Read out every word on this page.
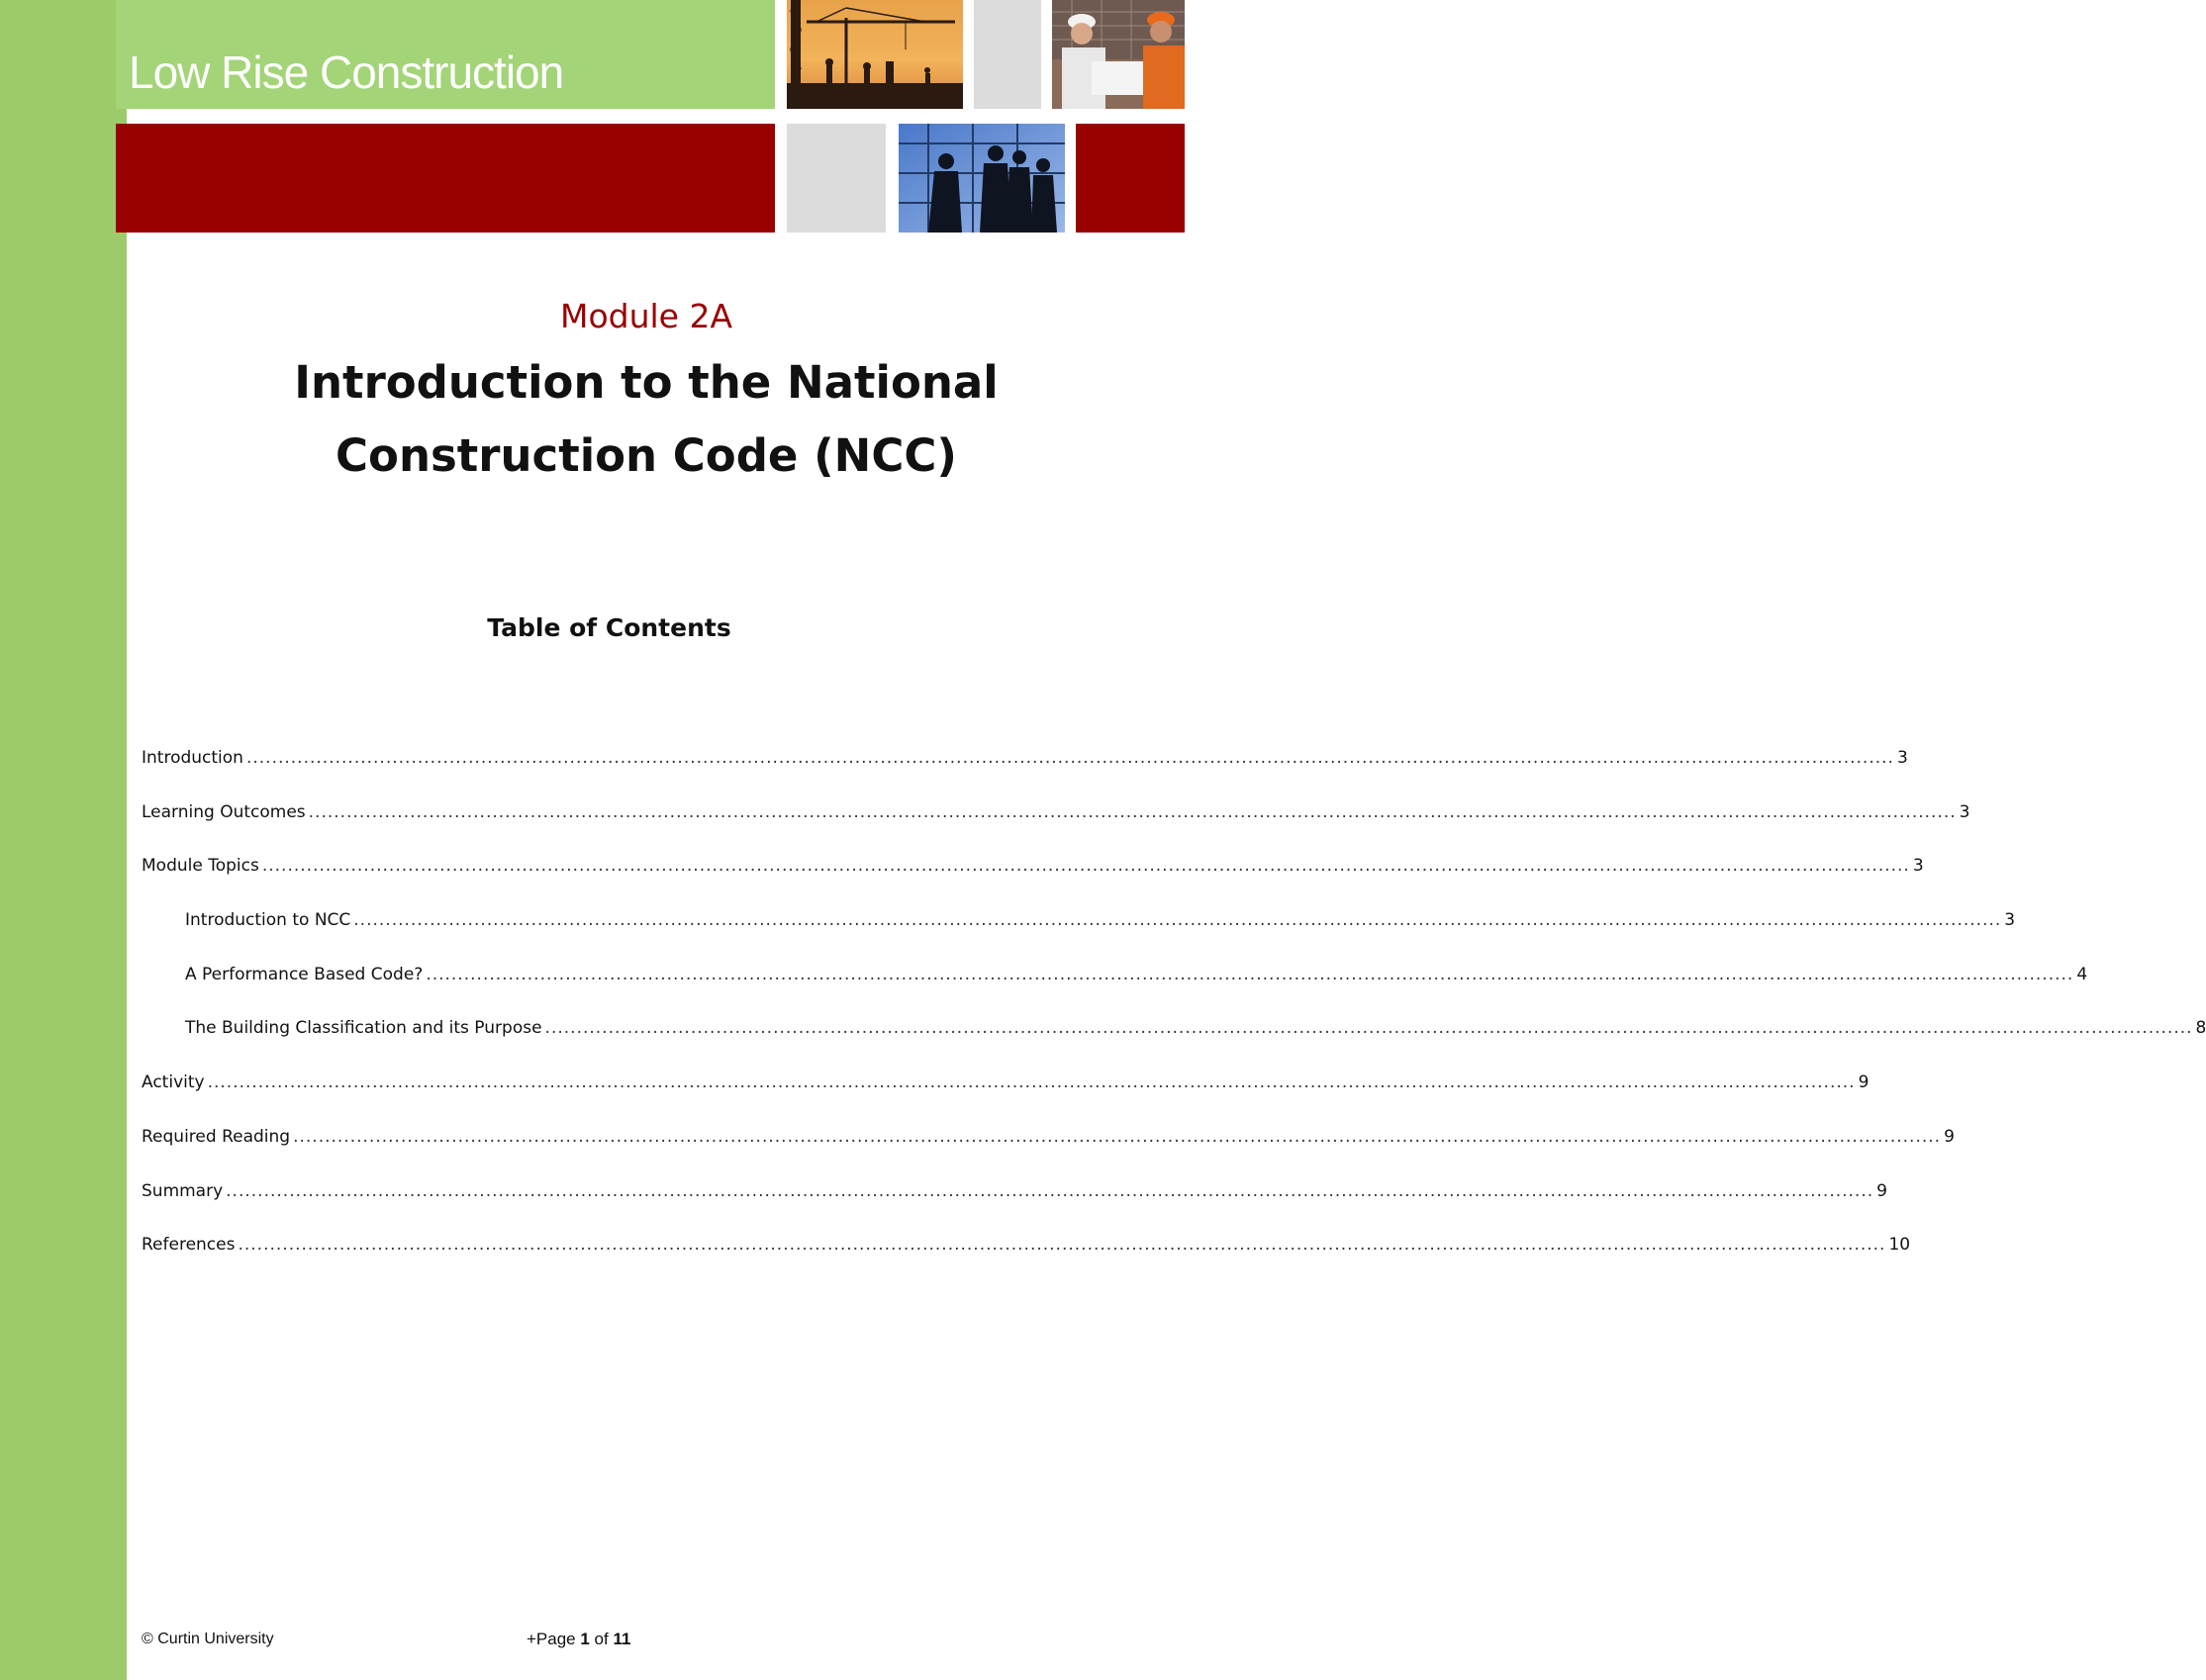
Low Rise Construction
Module 2A
Introduction to the National
Construction Code (NCC)
Table of Contents
Introduction .................................................................................................................................................................................................................................................................... 3
Learning Outcomes .................................................................................................................................................................................................................................................................... 3
Module Topics .................................................................................................................................................................................................................................................................... 3
Introduction to NCC .................................................................................................................................................................................................................................................................... 3
A Performance Based Code? .................................................................................................................................................................................................................................................................... 4
The Building Classification and its Purpose .................................................................................................................................................................................................................................................................... 8
Activity .................................................................................................................................................................................................................................................................... 9
Required Reading .................................................................................................................................................................................................................................................................... 9
Summary .................................................................................................................................................................................................................................................................... 9
References .................................................................................................................................................................................................................................................................... 10
© Curtin University	+Page 1 of 11
